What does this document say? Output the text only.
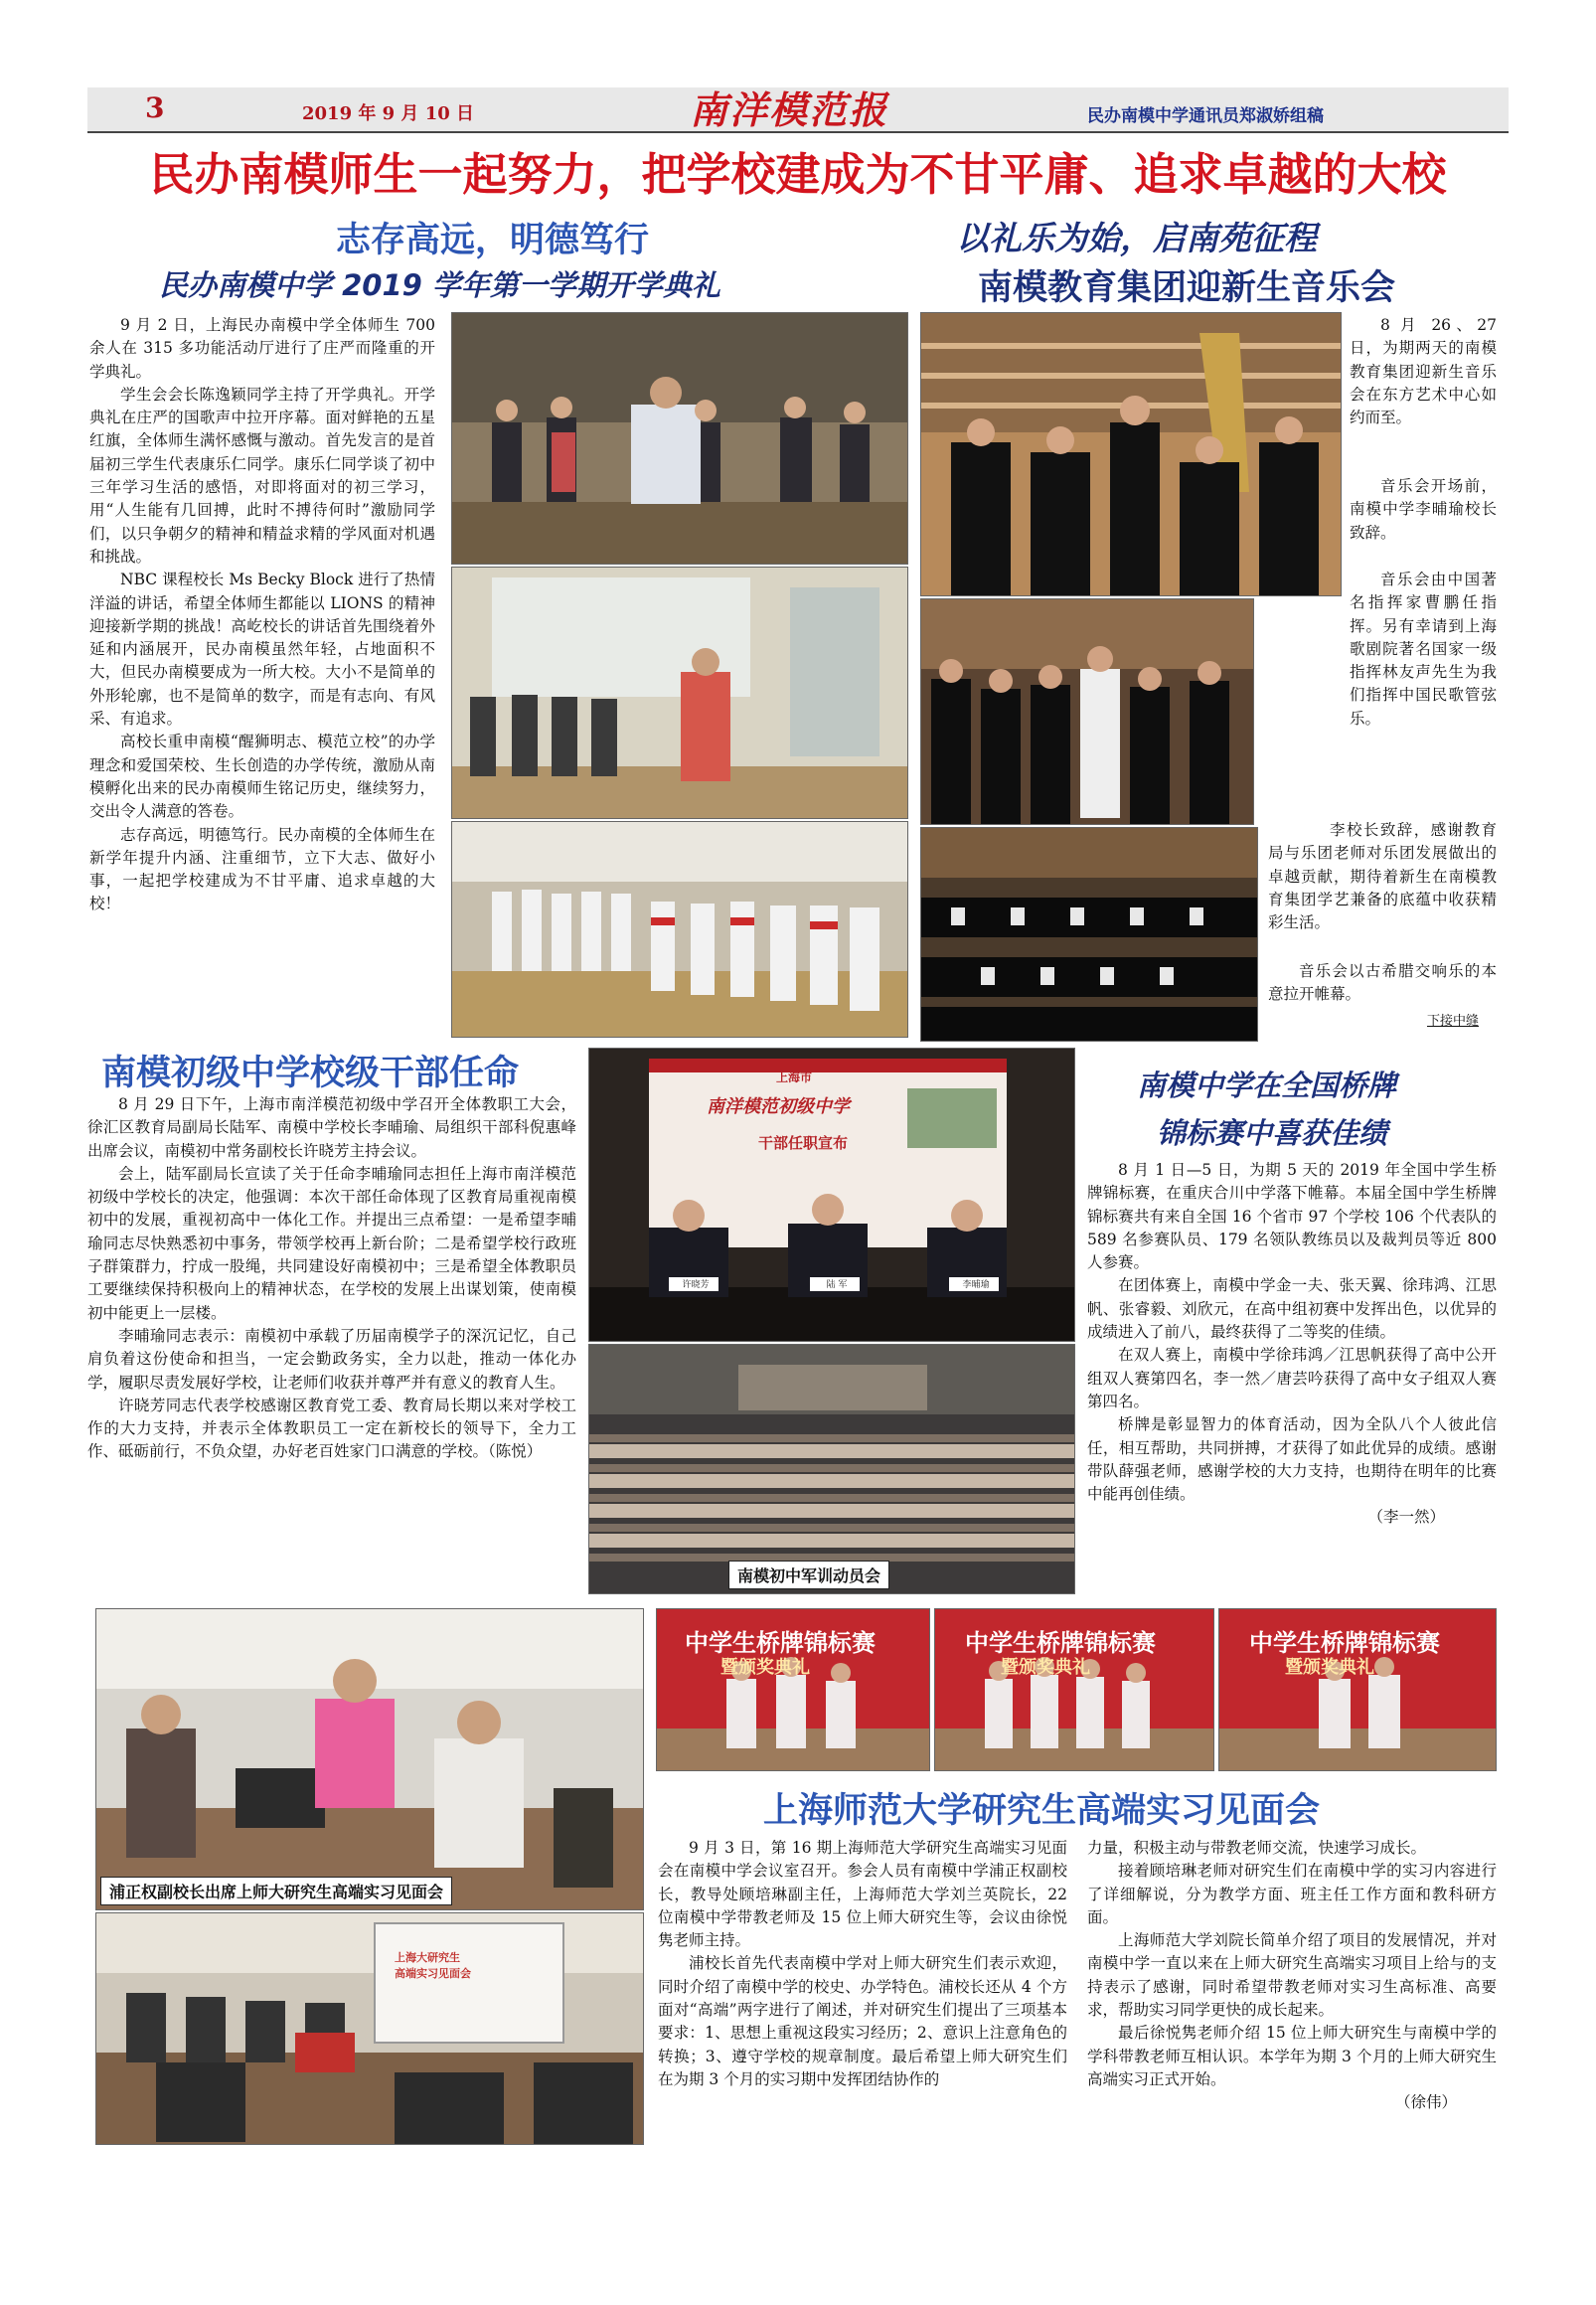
3	2019 年 9 月 10 日	南洋模范报	民办南模中学通讯员郑淑娇组稿
民办南模师生一起努力，把学校建成为不甘平庸、追求卓越的大校
志存高远，明德笃行
民办南模中学 2019 学年第一学期开学典礼

9 月 2 日，上海民办南模中学全体师生 700 余人在 315 多功能活动厅进行了庄严而隆重的开学典礼。

学生会会长陈逸颖同学主持了开学典礼。开学典礼在庄严的国歌声中拉开序幕。面对鲜艳的五星红旗，全体师生满怀感慨与激动。首先发言的是首届初三学生代表康乐仁同学。康乐仁同学谈了初中三年学习生活的感悟，对即将面对的初三学习，用“人生能有几回搏，此时不搏待何时”激励同学们，以只争朝夕的精神和精益求精的学风面对机遇和挑战。

NBC 课程校长 Ms Becky Block 进行了热情洋溢的讲话，希望全体师生都能以 LIONS 的精神迎接新学期的挑战！高屹校长的讲话首先围绕着外延和内涵展开，民办南模虽然年轻，占地面积不大，但民办南模要成为一所大校。大小不是简单的外形轮廓，也不是简单的数字，而是有志向、有风采、有追求。

高校长重申南模“醒狮明志、模范立校”的办学理念和爱国荣校、生长创造的办学传统，激励从南模孵化出来的民办南模师生铭记历史，继续努力，交出令人满意的答卷。

志存高远，明德笃行。民办南模的全体师生在新学年提升内涵、注重细节，立下大志、做好小事，一起把学校建成为不甘平庸、追求卓越的大校！

以礼乐为始，启南苑征程
南模教育集团迎新生音乐会
8 月 26、27 日，为期两天的南模教育集团迎新生音乐会在东方艺术中心如约而至。
音乐会开场前，南模中学李晡瑜校长致辞。
音乐会由中国著名指挥家曹鹏任指挥。另有幸请到上海歌剧院著名国家一级指挥林友声先生为我们指挥中国民歌管弦乐。
李校长致辞，感谢教育局与乐团老师对乐团发展做出的卓越贡献，期待着新生在南模教育集团学艺兼备的底蕴中收获精彩生活。
音乐会以古希腊交响乐的本意拉开帷幕。
下接中缝
南模初级中学校级干部任命

8 月 29 日下午，上海市南洋模范初级中学召开全体教职工大会，徐汇区教育局副局长陆军、南模中学校长李晡瑜、局组织干部科倪惠峰出席会议，南模初中常务副校长许晓芳主持会议。

会上，陆军副局长宣读了关于任命李晡瑜同志担任上海市南洋模范初级中学校长的决定，他强调：本次干部任命体现了区教育局重视南模初中的发展，重视初高中一体化工作。并提出三点希望：一是希望李晡瑜同志尽快熟悉初中事务，带领学校再上新台阶；二是希望学校行政班子群策群力，拧成一股绳，共同建设好南模初中；三是希望全体教职员工要继续保持积极向上的精神状态，在学校的发展上出谋划策，使南模初中能更上一层楼。

李晡瑜同志表示：南模初中承载了历届南模学子的深沉记忆，自己肩负着这份使命和担当，一定会勤政务实，全力以赴，推动一体化办学，履职尽责发展好学校，让老师们收获并尊严并有意义的教育人生。

许晓芳同志代表学校感谢区教育党工委、教育局长期以来对学校工作的大力支持，并表示全体教职员工一定在新校长的领导下，全力工作、砥砺前行，不负众望，办好老百姓家门口满意的学校。（陈悦）

上海市
南洋模范初级中学
干部任职宣布
许晓芳	陆 军	李晡瑜
南模初中军训动员会
南模中学在全国桥牌
锦标赛中喜获佳绩

8 月 1 日—5 日，为期 5 天的 2019 年全国中学生桥牌锦标赛，在重庆合川中学落下帷幕。本届全国中学生桥牌锦标赛共有来自全国 16 个省市 97 个学校 106 个代表队的 589 名参赛队员、179 名领队教练员以及裁判员等近 800 人参赛。

在团体赛上，南模中学金一夫、张天翼、徐玮鸿、江思帆、张睿毅、刘欣元，在高中组初赛中发挥出色，以优异的成绩进入了前八，最终获得了二等奖的佳绩。

在双人赛上，南模中学徐玮鸿／江思帆获得了高中公开组双人赛第四名，李一然／唐芸吟获得了高中女子组双人赛第四名。

桥牌是彰显智力的体育活动，因为全队八个人彼此信任，相互帮助，共同拼搏，才获得了如此优异的成绩。感谢带队薛强老师，感谢学校的大力支持，也期待在明年的比赛中能再创佳绩。

（李一然）
中学生桥牌锦标赛
暨颁奖典礼
中学生桥牌锦标赛
暨颁奖典礼
中学生桥牌锦标赛
暨颁奖典礼
浦正权副校长出席上师大研究生高端实习见面会
上海大研究生
高端实习见面会
上海师范大学研究生高端实习见面会

9 月 3 日，第 16 期上海师范大学研究生高端实习见面会在南模中学会议室召开。参会人员有南模中学浦正权副校长，教导处顾培琳副主任，上海师范大学刘兰英院长，22 位南模中学带教老师及 15 位上师大研究生等，会议由徐悦隽老师主持。

浦校长首先代表南模中学对上师大研究生们表示欢迎，同时介绍了南模中学的校史、办学特色。浦校长还从 4 个方面对“高端”两字进行了阐述，并对研究生们提出了三项基本要求：1、思想上重视这段实习经历；2、意识上注意角色的转换；3、遵守学校的规章制度。最后希望上师大研究生们在为期 3 个月的实习期中发挥团结协作的

力量，积极主动与带教老师交流，快速学习成长。

接着顾培琳老师对研究生们在南模中学的实习内容进行了详细解说，分为教学方面、班主任工作方面和教科研方面。

上海师范大学刘院长简单介绍了项目的发展情况，并对南模中学一直以来在上师大研究生高端实习项目上给与的支持表示了感谢，同时希望带教老师对实习生高标准、高要求，帮助实习同学更快的成长起来。

最后徐悦隽老师介绍 15 位上师大研究生与南模中学的学科带教老师互相认识。本学年为期 3 个月的上师大研究生高端实习正式开始。

（徐伟）
